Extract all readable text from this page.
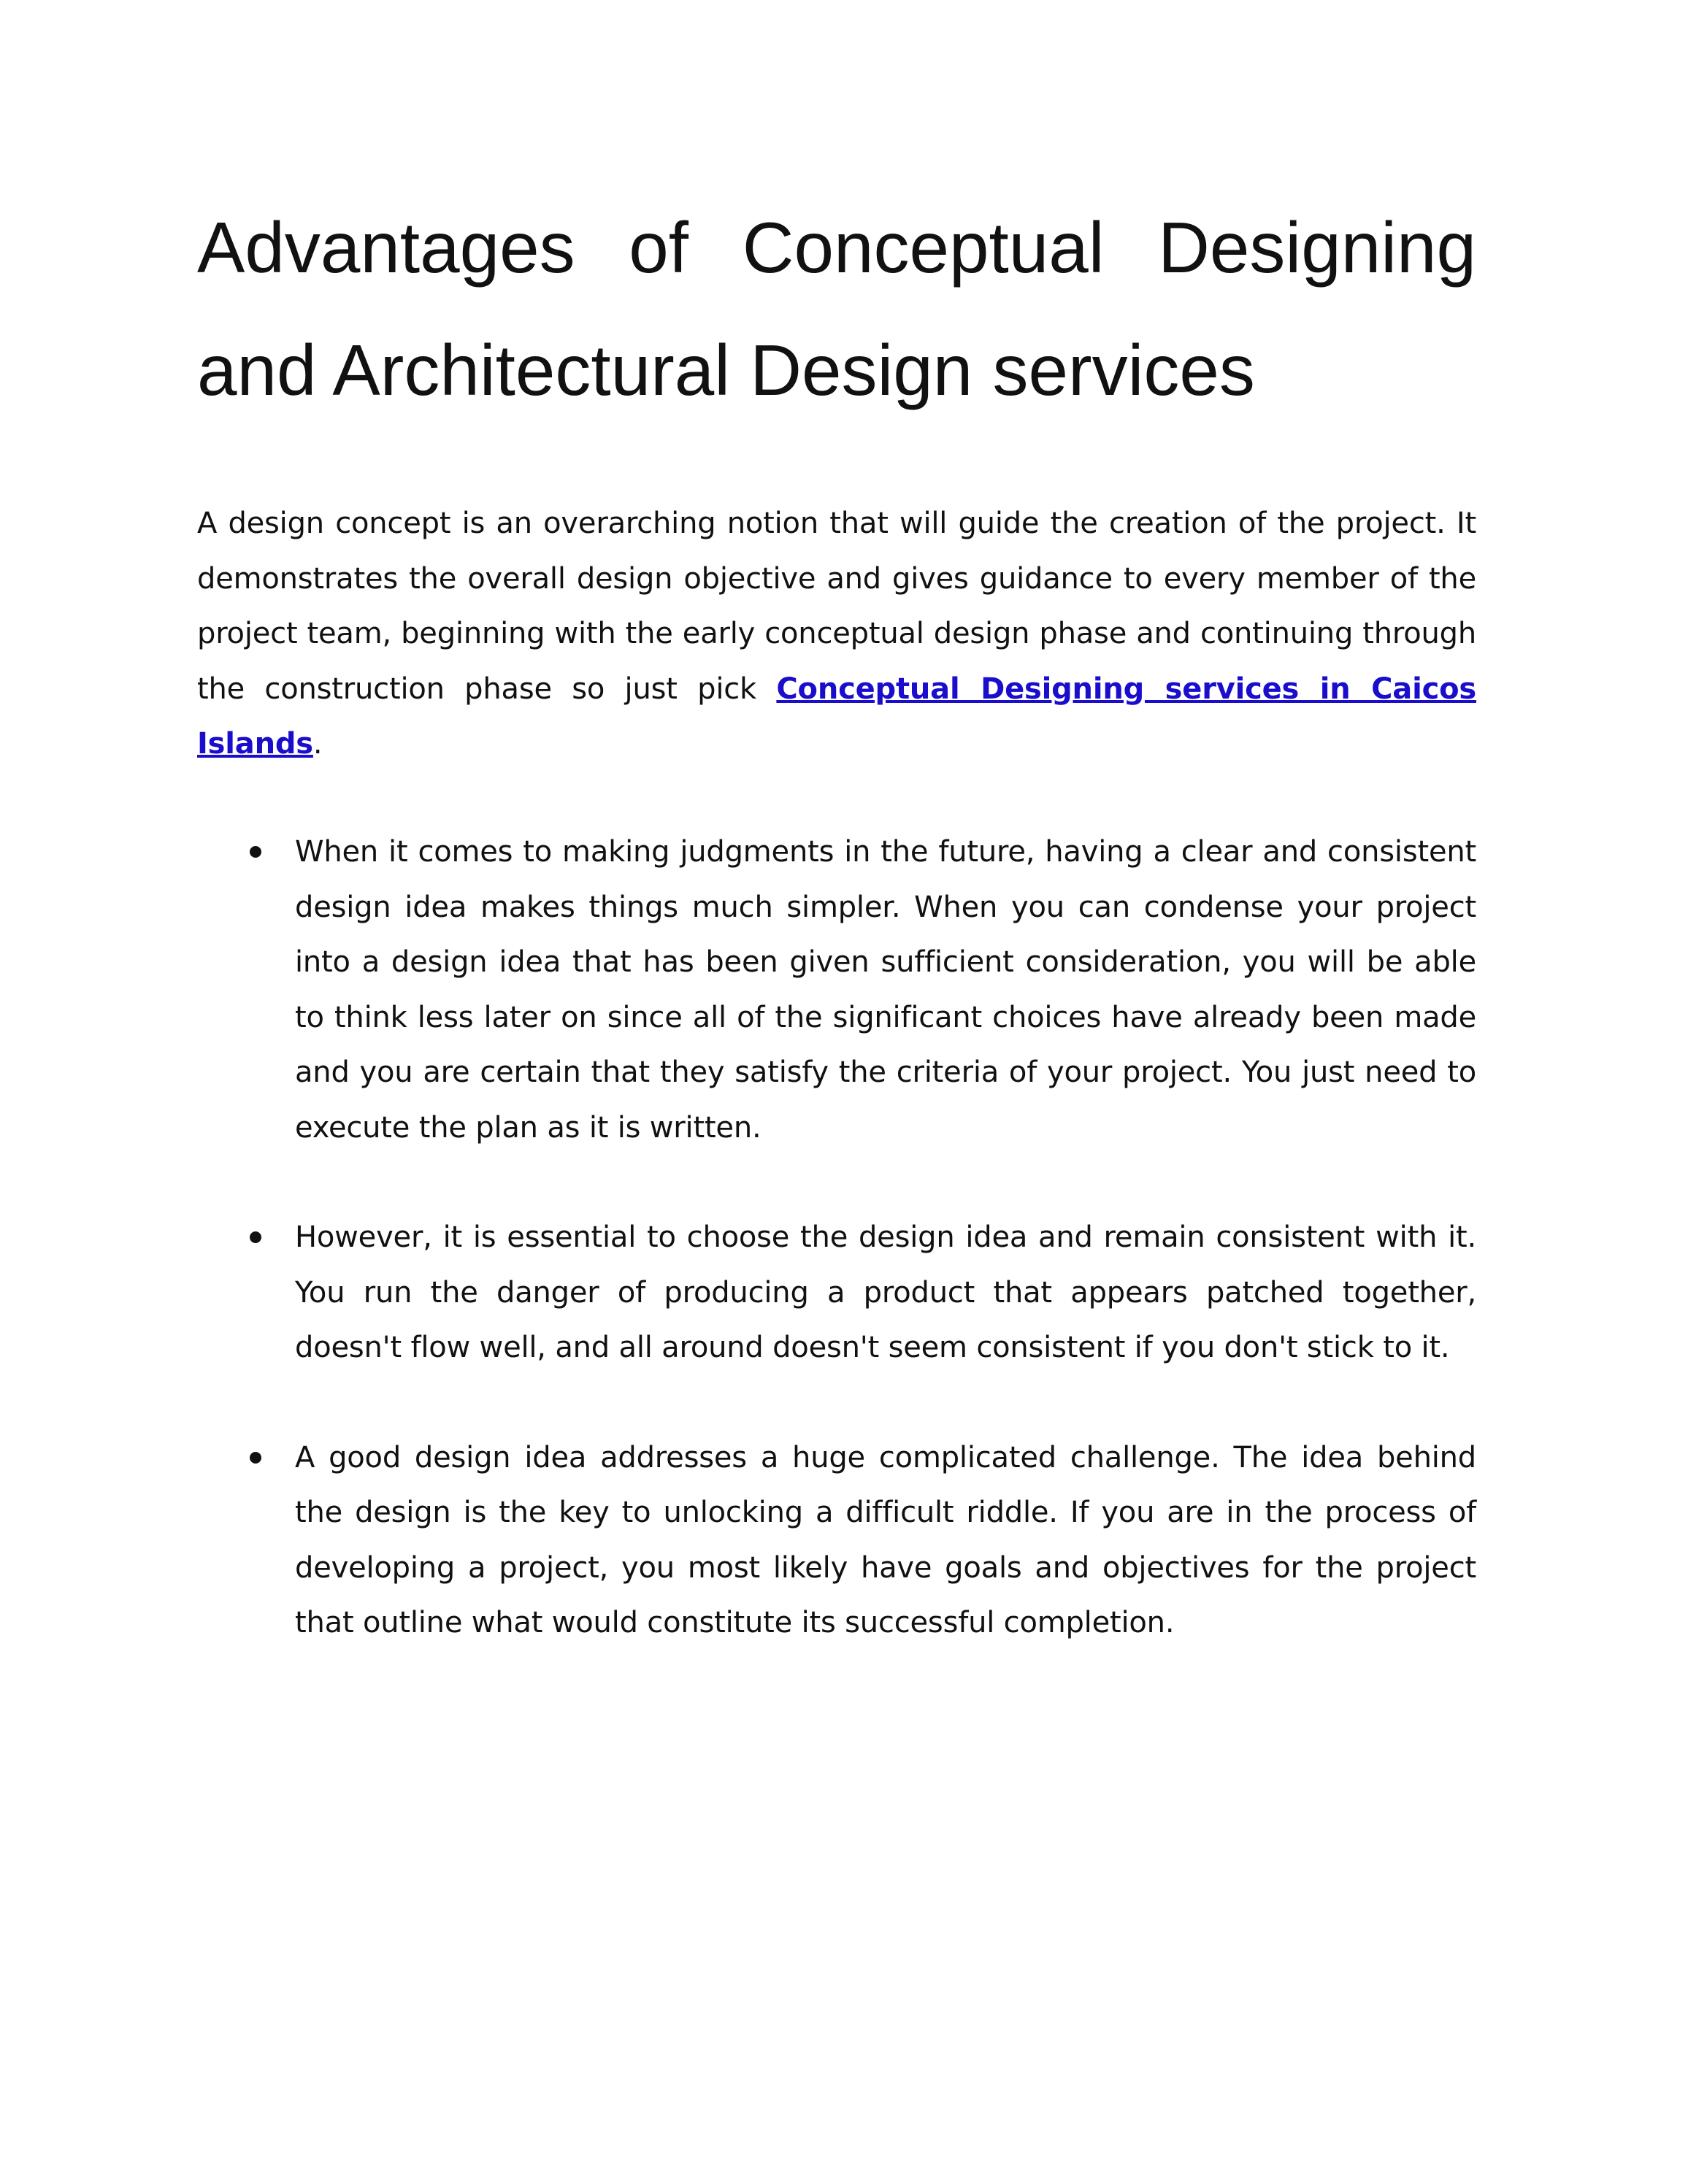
Advantages of Conceptual Designing
and Architectural Design services

A design concept is an overarching notion that will guide the creation of the project. It demonstrates the overall design objective and gives guidance to every member of the project team, beginning with the early conceptual design phase and continuing through the construction phase so just pick Conceptual Designing services in Caicos Islands.

When it comes to making judgments in the future, having a clear and consistent design idea makes things much simpler. When you can condense your project into a design idea that has been given sufficient consideration, you will be able to think less later on since all of the significant choices have already been made and you are certain that they satisfy the criteria of your project. You just need to execute the plan as it is written.
However, it is essential to choose the design idea and remain consistent with it. You run the danger of producing a product that appears patched together, doesn't flow well, and all around doesn't seem consistent if you don't stick to it.
A good design idea addresses a huge complicated challenge. The idea behind the design is the key to unlocking a difficult riddle. If you are in the process of developing a project, you most likely have goals and objectives for the project that outline what would constitute its successful completion.
